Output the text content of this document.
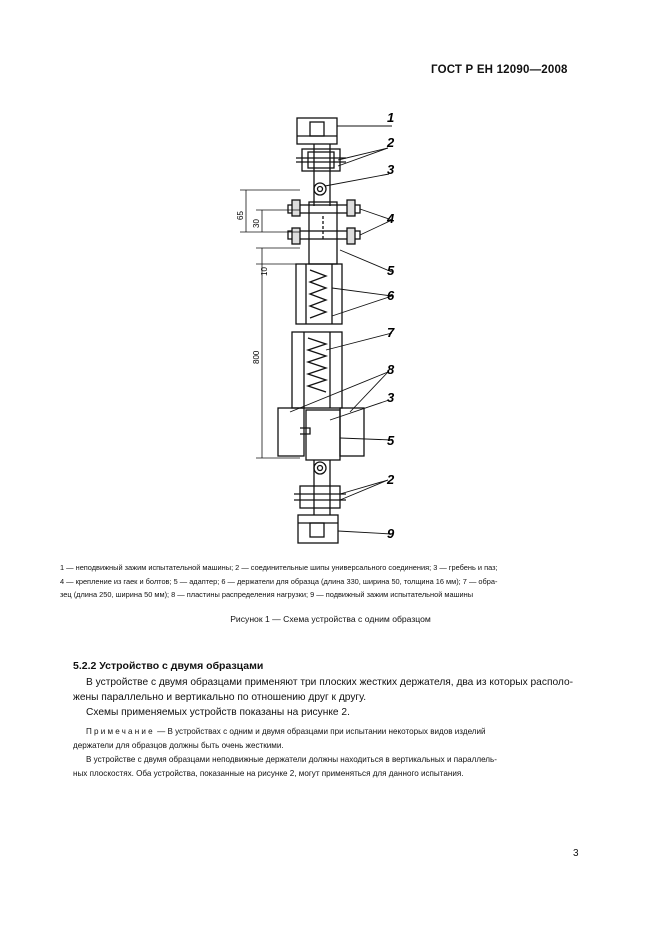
ГОСТ Р ЕН 12090—2008
1
2
3
4
5
6
7
8
3
5
2
9
65
30
10
800
1 — неподвижный зажим испытательной машины; 2 — соединительные шипы универсального соединения; 3 — гребень и паз;
4 — крепление из гаек и болтов; 5 — адаптер; 6 — держатели для образца (длина 330, ширина 50, толщина 16 мм); 7 — обра-
зец (длина 250, ширина 50 мм); 8 — пластины распределения нагрузки; 9 — подвижный зажим испытательной машины
Рисунок 1 — Схема устройства с одним образцом
5.2.2 Устройство с двумя образцами
В устройстве с двумя образцами применяют три плоских жестких держателя, два из которых располо-
жены параллельно и вертикально по отношению друг к другу.
Схемы применяемых устройств показаны на рисунке 2.
Примечание — В устройствах с одним и двумя образцами при испытании некоторых видов изделий
держатели для образцов должны быть очень жесткими.
В устройстве с двумя образцами неподвижные держатели должны находиться в вертикальных и параллель-
ных плоскостях. Оба устройства, показанные на рисунке 2, могут применяться для данного испытания.
3
